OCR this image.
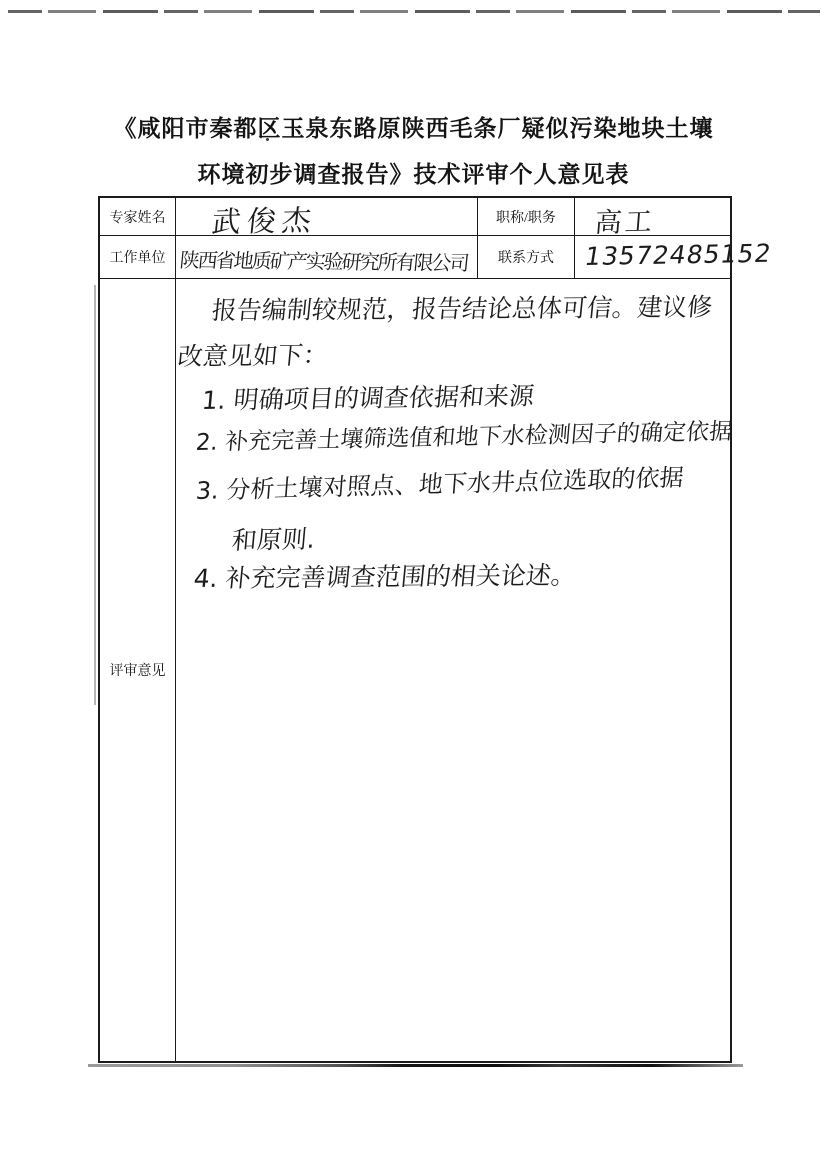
《咸阳市秦都区玉泉东路原陕西毛条厂疑似污染地块土壤
环境初步调查报告》技术评审个人意见表
专家姓名 武俊杰	职称/职务 高工
工作单位 陕西省地质矿产实验研究所有限公司 联系方式 13572485152
评审意见
报告编制较规范，报告结论总体可信。建议修
改意见如下：
1. 明确项目的调查依据和来源
2. 补充完善土壤筛选值和地下水检测因子的确定依据
3. 分析土壤对照点、地下水井点位选取的依据
和原则.
4. 补充完善调查范围的相关论述。
